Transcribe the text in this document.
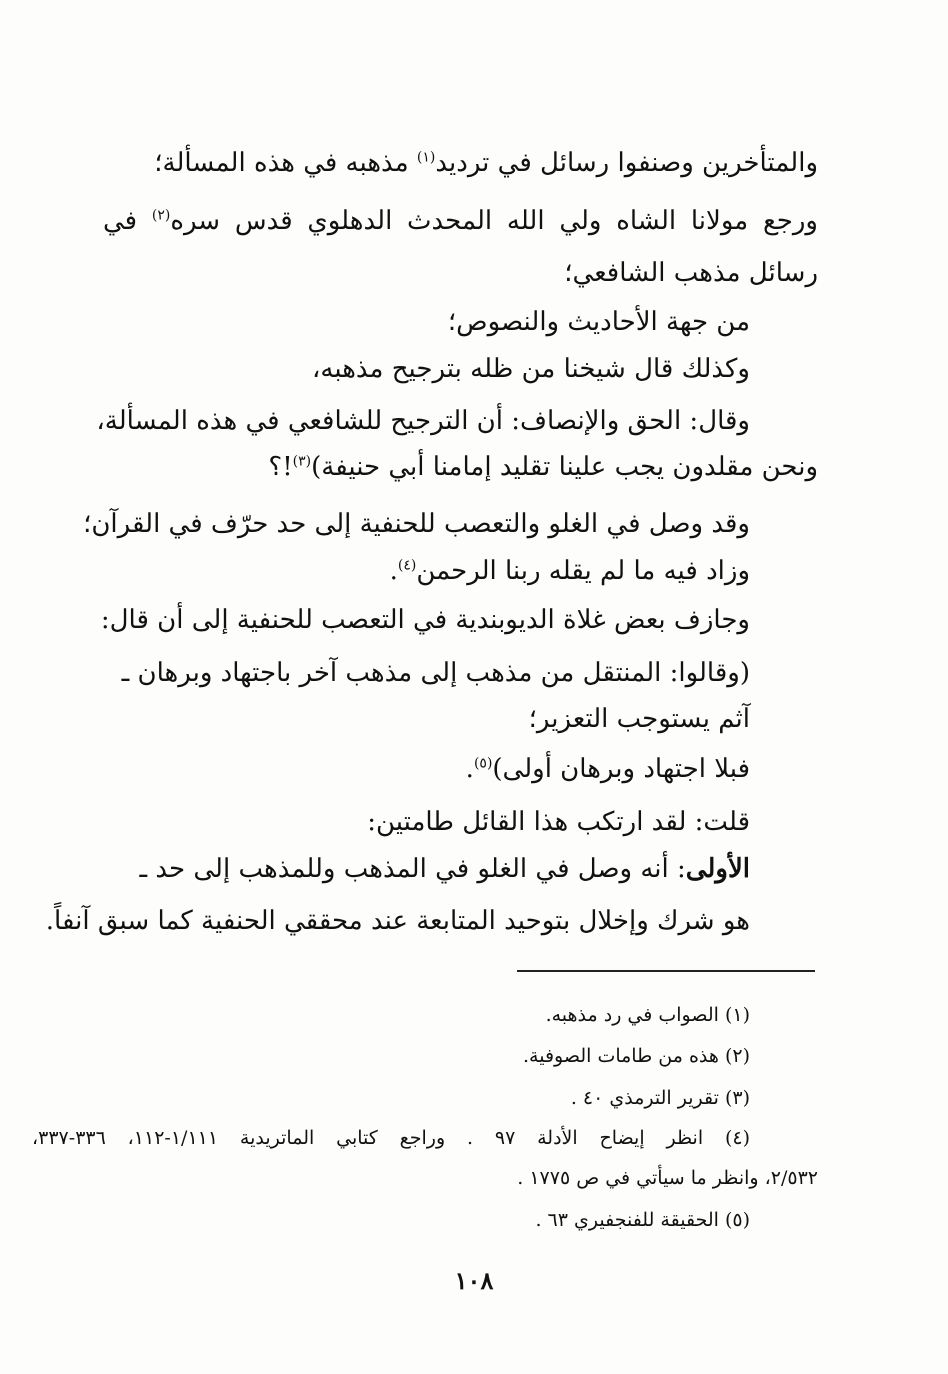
والمتأخرين وصنفوا رسائل في ترديد$^{(١)}$ مذهبه في هذه المسألة؛
ورجع مولانا الشاه ولي الله المحدث الدهلوي قدس سره$^{(٢)}$ في
رسائل مذهب الشافعي؛
من جهة الأحاديث والنصوص؛
وكذلك قال شيخنا من ظله بترجيح مذهبه،
وقال: الحق والإنصاف: أن الترجيح للشافعي في هذه المسألة،
ونحن مقلدون يجب علينا تقليد إمامنا أبي حنيفة)$^{(٣)}$!؟
وقد وصل في الغلو والتعصب للحنفية إلى حد حرّف في القرآن؛
وزاد فيه ما لم يقله ربنا الرحمن$^{(٤)}$.
وجازف بعض غلاة الديوبندية في التعصب للحنفية إلى أن قال:
(وقالوا: المنتقل من مذهب إلى مذهب آخر باجتهاد وبرهان ـ
آثم يستوجب التعزير؛
فبلا اجتهاد وبرهان أولى)$^{(٥)}$.
قلت: لقد ارتكب هذا القائل طامتين:
الأولى: أنه وصل في الغلو في المذهب وللمذهب إلى حد ـ
هو شرك وإخلال بتوحيد المتابعة عند محققي الحنفية كما سبق آنفاً.
(١) الصواب في رد مذهبه.
(٢) هذه من طامات الصوفية.
(٣) تقرير الترمذي ٤٠ .
(٤) انظر إيضاح الأدلة ٩٧ . وراجع كتابي الماتريدية ١/١١١-١١٢، ٣٣٦-٣٣٧،
٢/٥٣٢، وانظر ما سيأتي في ص ١٧٧٥ .
(٥) الحقيقة للفنجفيري ٦٣ .
١٠٨
